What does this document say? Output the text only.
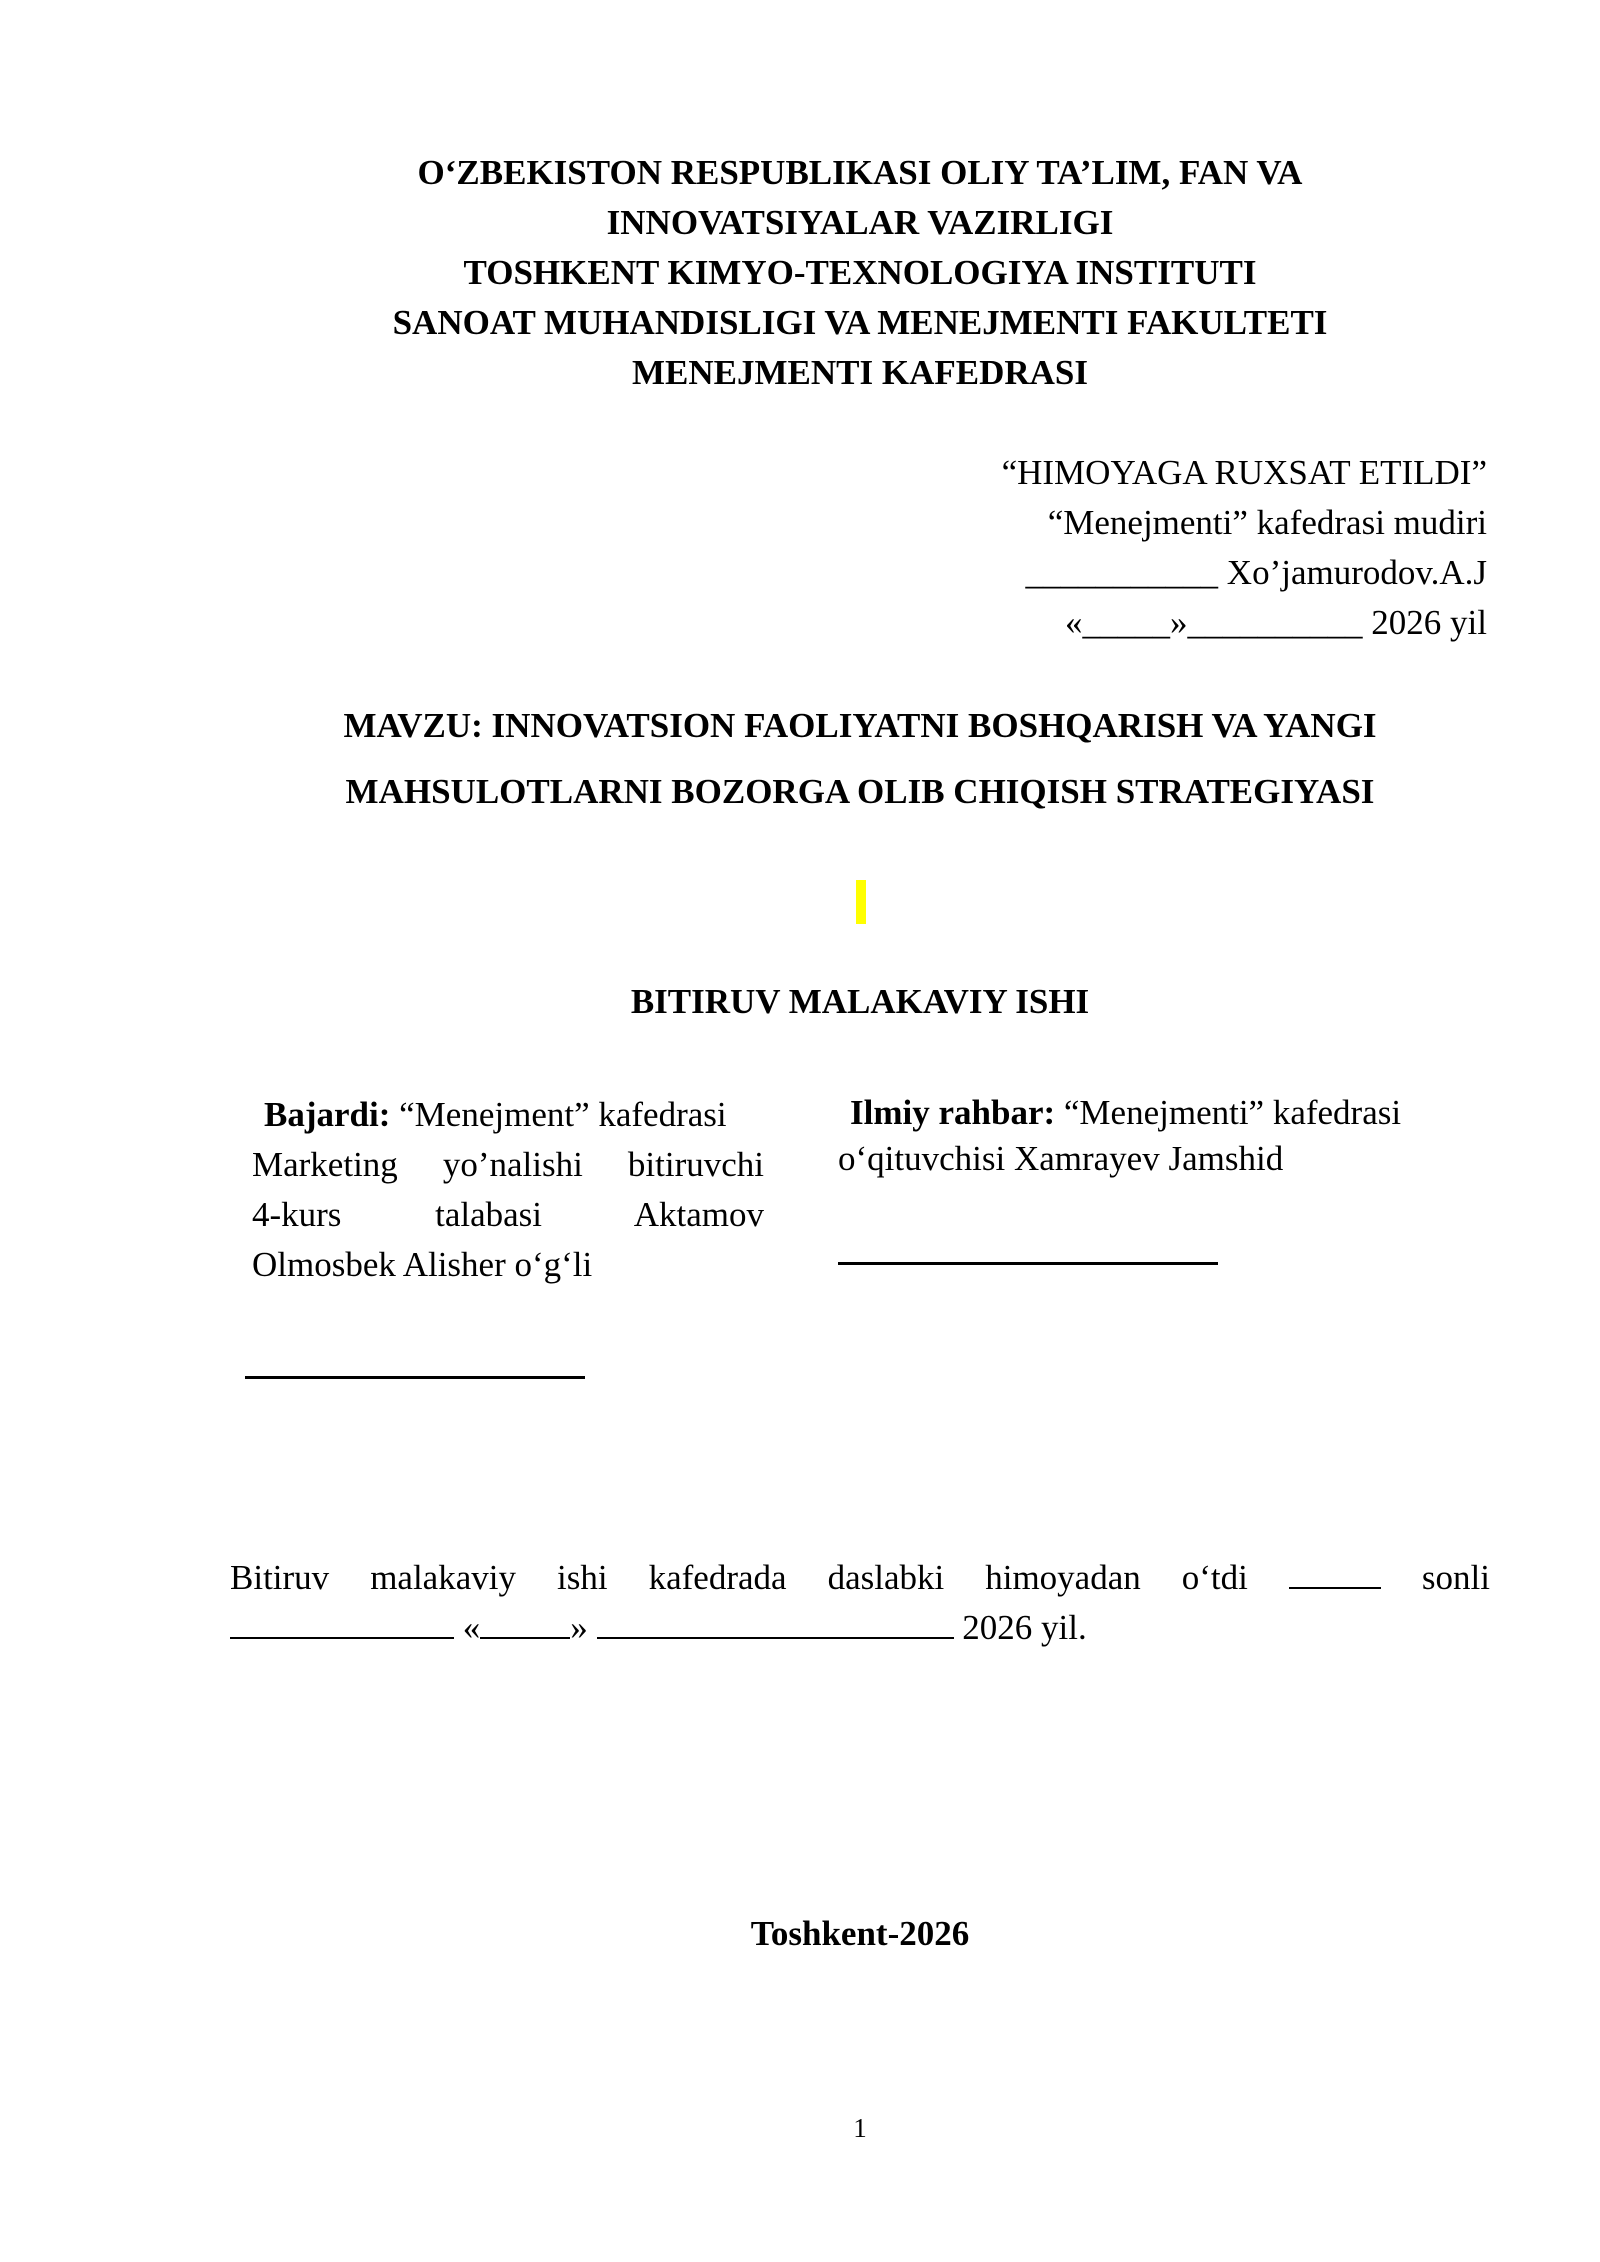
O‘ZBEKISTON RESPUBLIKASI OLIY TA’LIM, FAN VA
INNOVATSIYALAR VAZIRLIGI
TOSHKENT KIMYO-TEXNOLOGIYA INSTITUTI
SANOAT MUHANDISLIGI VA MENEJMENTI FAKULTETI
MENEJMENTI KAFEDRASI
“HIMOYAGA RUXSAT ETILDI”
“Menejmenti” kafedrasi mudiri
___________ Xo’jamurodov.A.J
«_____»__________ 2026 yil
MAVZU: INNOVATSION FAOLIYATNI BOSHQARISH VA YANGI
MAHSULOTLARNI BOZORGA OLIB CHIQISH STRATEGIYASI
BITIRUV MALAKAVIY ISHI
Bajardi: “Menejment” kafedrasi
Marketing yo’nalishi bitiruvchi
4-kurs talabasi Aktamov
Olmosbek Alisher o‘g‘li
Ilmiy rahbar: “Menejmenti” kafedrasi
o‘qituvchisi Xamrayev Jamshid
Bitiruv malakaviy ishi kafedrada daslabki himoyadan o‘tdi	sonli
«	»	2026 yil.
Toshkent-2026
1
